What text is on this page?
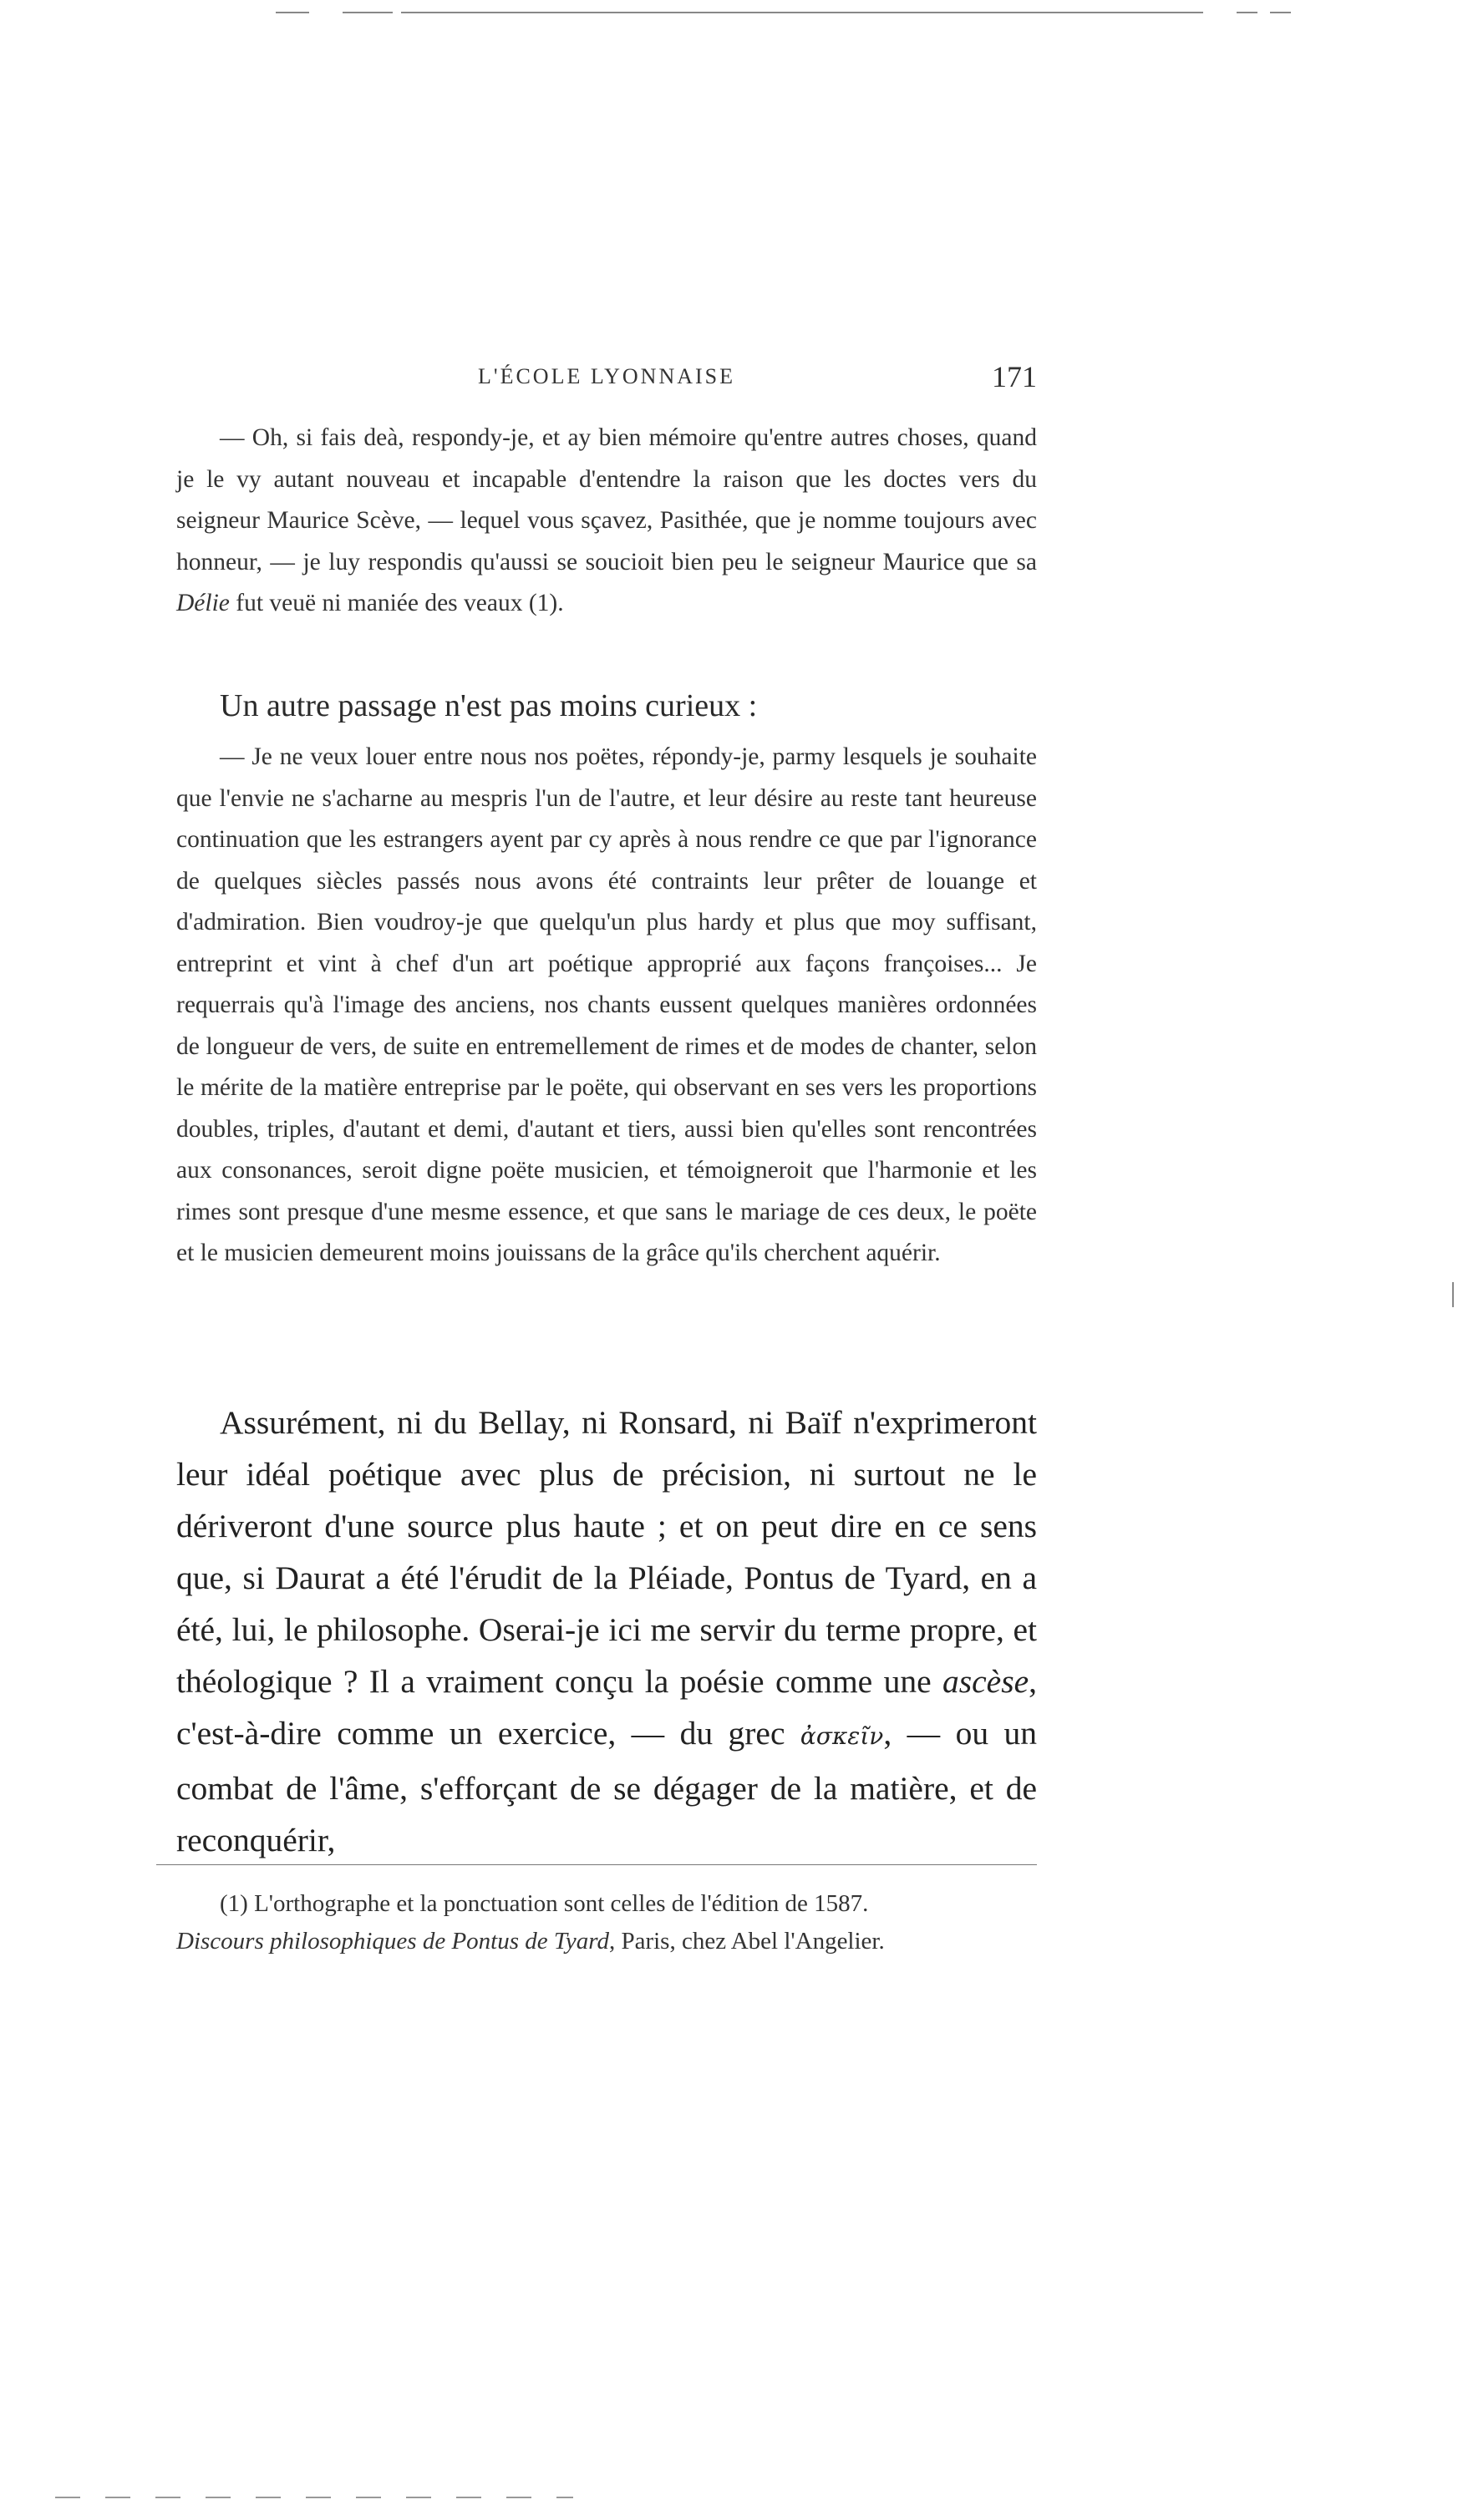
L'ÉCOLE LYONNAISE	171

— Oh, si fais deà, respondy-je, et ay bien mémoire qu'entre autres choses, quand je le vy autant nouveau et incapable d'entendre la raison que les doctes vers du seigneur Maurice Scève, — lequel vous sçavez, Pasithée, que je nomme toujours avec honneur, — je luy respondis qu'aussi se soucioit bien peu le seigneur Maurice que sa Délie fut veuë ni maniée des veaux (1).

Un autre passage n'est pas moins curieux :

— Je ne veux louer entre nous nos poëtes, répondy-je, parmy lesquels je souhaite que l'envie ne s'acharne au mespris l'un de l'autre, et leur désire au reste tant heureuse continuation que les estrangers ayent par cy après à nous rendre ce que par l'ignorance de quelques siècles passés nous avons été contraints leur prêter de louange et d'admiration. Bien voudroy-je que quelqu'un plus hardy et plus que moy suffisant, entreprint et vint à chef d'un art poétique approprié aux façons françoises... Je requerrais qu'à l'image des anciens, nos chants eussent quelques manières ordonnées de longueur de vers, de suite en entremellement de rimes et de modes de chanter, selon le mérite de la matière entreprise par le poëte, qui observant en ses vers les proportions doubles, triples, d'autant et demi, d'autant et tiers, aussi bien qu'elles sont rencontrées aux consonances, seroit digne poëte musicien, et témoigneroit que l'harmonie et les rimes sont presque d'une mesme essence, et que sans le mariage de ces deux, le poëte et le musicien demeurent moins jouissans de la grâce qu'ils cherchent aquérir.

Assurément, ni du Bellay, ni Ronsard, ni Baïf n'exprimeront leur idéal poétique avec plus de précision, ni surtout ne le dériveront d'une source plus haute ; et on peut dire en ce sens que, si Daurat a été l'érudit de la Pléiade, Pontus de Tyard, en a été, lui, le philosophe. Oserai-je ici me servir du terme propre, et théologique ? Il a vraiment conçu la poésie comme une ascèse, c'est-à-dire comme un exercice, — du grec ἀσκεῖν, — ou un combat de l'âme, s'efforçant de se dégager de la matière, et de reconquérir,

(1) L'orthographe et la ponctuation sont celles de l'édition de 1587.
Discours philosophiques de Pontus de Tyard, Paris, chez Abel l'Angelier.
